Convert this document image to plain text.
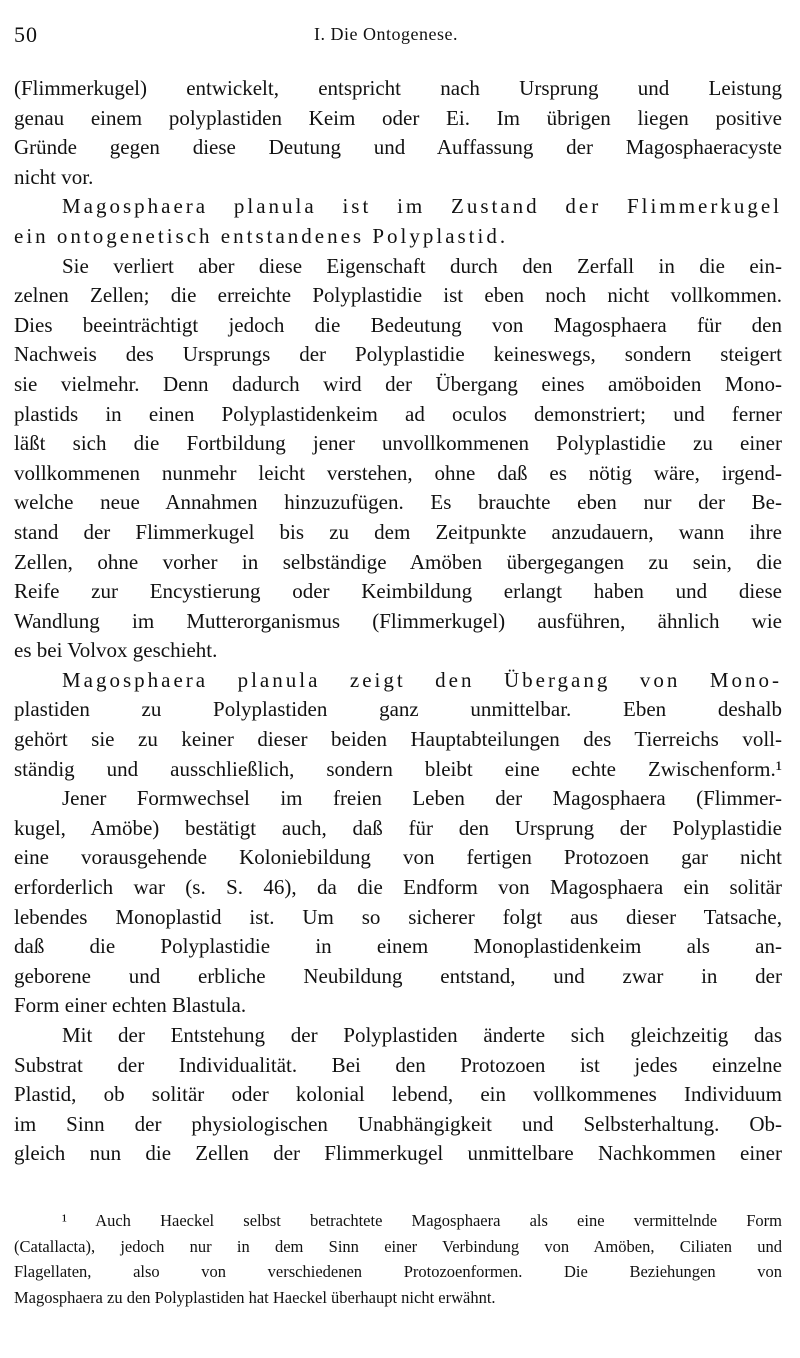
50	I. Die Ontogenese.
(Flimmerkugel) entwickelt, entspricht nach Ursprung und Leistung
genau einem polyplastiden Keim oder Ei. Im übrigen liegen positive
Gründe gegen diese Deutung und Auffassung der Magosphaeracyste
nicht vor.
Magosphaera planula ist im Zustand der Flimmerkugel
ein ontogenetisch entstandenes Polyplastid.
Sie verliert aber diese Eigenschaft durch den Zerfall in die ein-
zelnen Zellen; die erreichte Polyplastidie ist eben noch nicht vollkommen.
Dies beeinträchtigt jedoch die Bedeutung von Magosphaera für den
Nachweis des Ursprungs der Polyplastidie keineswegs, sondern steigert
sie vielmehr. Denn dadurch wird der Übergang eines amöboiden Mono-
plastids in einen Polyplastidenkeim ad oculos demonstriert; und ferner
läßt sich die Fortbildung jener unvollkommenen Polyplastidie zu einer
vollkommenen nunmehr leicht verstehen, ohne daß es nötig wäre, irgend-
welche neue Annahmen hinzuzufügen. Es brauchte eben nur der Be-
stand der Flimmerkugel bis zu dem Zeitpunkte anzudauern, wann ihre
Zellen, ohne vorher in selbständige Amöben übergegangen zu sein, die
Reife zur Encystierung oder Keimbildung erlangt haben und diese
Wandlung im Mutterorganismus (Flimmerkugel) ausführen, ähnlich wie
es bei Volvox geschieht.
Magosphaera planula zeigt den Übergang von Mono-
plastiden zu Polyplastiden ganz unmittelbar. Eben deshalb
gehört sie zu keiner dieser beiden Hauptabteilungen des Tierreichs voll-
ständig und ausschließlich, sondern bleibt eine echte Zwischenform.¹
Jener Formwechsel im freien Leben der Magosphaera (Flimmer-
kugel, Amöbe) bestätigt auch, daß für den Ursprung der Polyplastidie
eine vorausgehende Koloniebildung von fertigen Protozoen gar nicht
erforderlich war (s. S. 46), da die Endform von Magosphaera ein solitär
lebendes Monoplastid ist. Um so sicherer folgt aus dieser Tatsache,
daß die Polyplastidie in einem Monoplastidenkeim als an-
geborene und erbliche Neubildung entstand, und zwar in der
Form einer echten Blastula.
Mit der Entstehung der Polyplastiden änderte sich gleichzeitig das
Substrat der Individualität. Bei den Protozoen ist jedes einzelne
Plastid, ob solitär oder kolonial lebend, ein vollkommenes Individuum
im Sinn der physiologischen Unabhängigkeit und Selbsterhaltung. Ob-
gleich nun die Zellen der Flimmerkugel unmittelbare Nachkommen einer
¹ Auch Haeckel selbst betrachtete Magosphaera als eine vermittelnde Form
(Catallacta), jedoch nur in dem Sinn einer Verbindung von Amöben, Ciliaten und
Flagellaten, also von verschiedenen Protozoenformen. Die Beziehungen von
Magosphaera zu den Polyplastiden hat Haeckel überhaupt nicht erwähnt.
